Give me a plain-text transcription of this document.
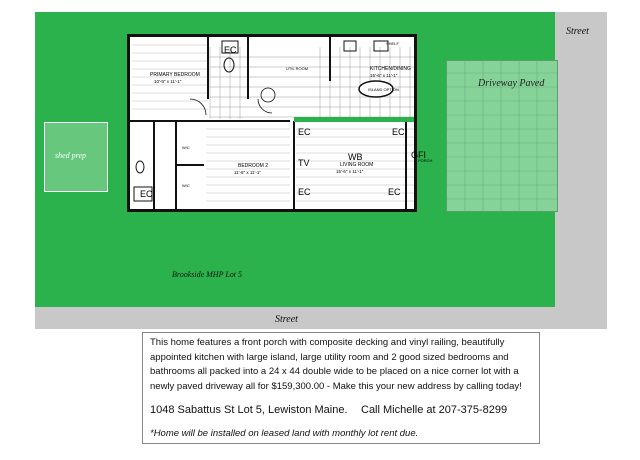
Street
Street
Driveway Paved
shed prep
Brookside MHP Lot 5
PRIMARY BEDROOM
10'-9" x 11'-1"
UTIL ROOM	KITCHEN/DINING
15'-6" x 11'-1"
ISLAND OPTION
BEDROOM 2
11'-6" x 11'-1"
LIVING ROOM
15'-6" x 11'-1"
PORCH
SHELF
W/C
W/C
EC
EC
EC	EC
EC	EC
TV
WB	GFI
This home features a front porch with composite decking and vinyl railing, beautifully appointed kitchen with large island, large utility room and 2 good sized bedrooms and bathrooms all packed into a 24 x 44 double wide to be placed on a nice corner lot with a newly paved driveway all for $159,300.00 - Make this your new address by calling today!
1048 Sabattus St Lot 5, Lewiston Maine. Call Michelle at 207-375-8299
*Home will be installed on leased land with monthly lot rent due.
